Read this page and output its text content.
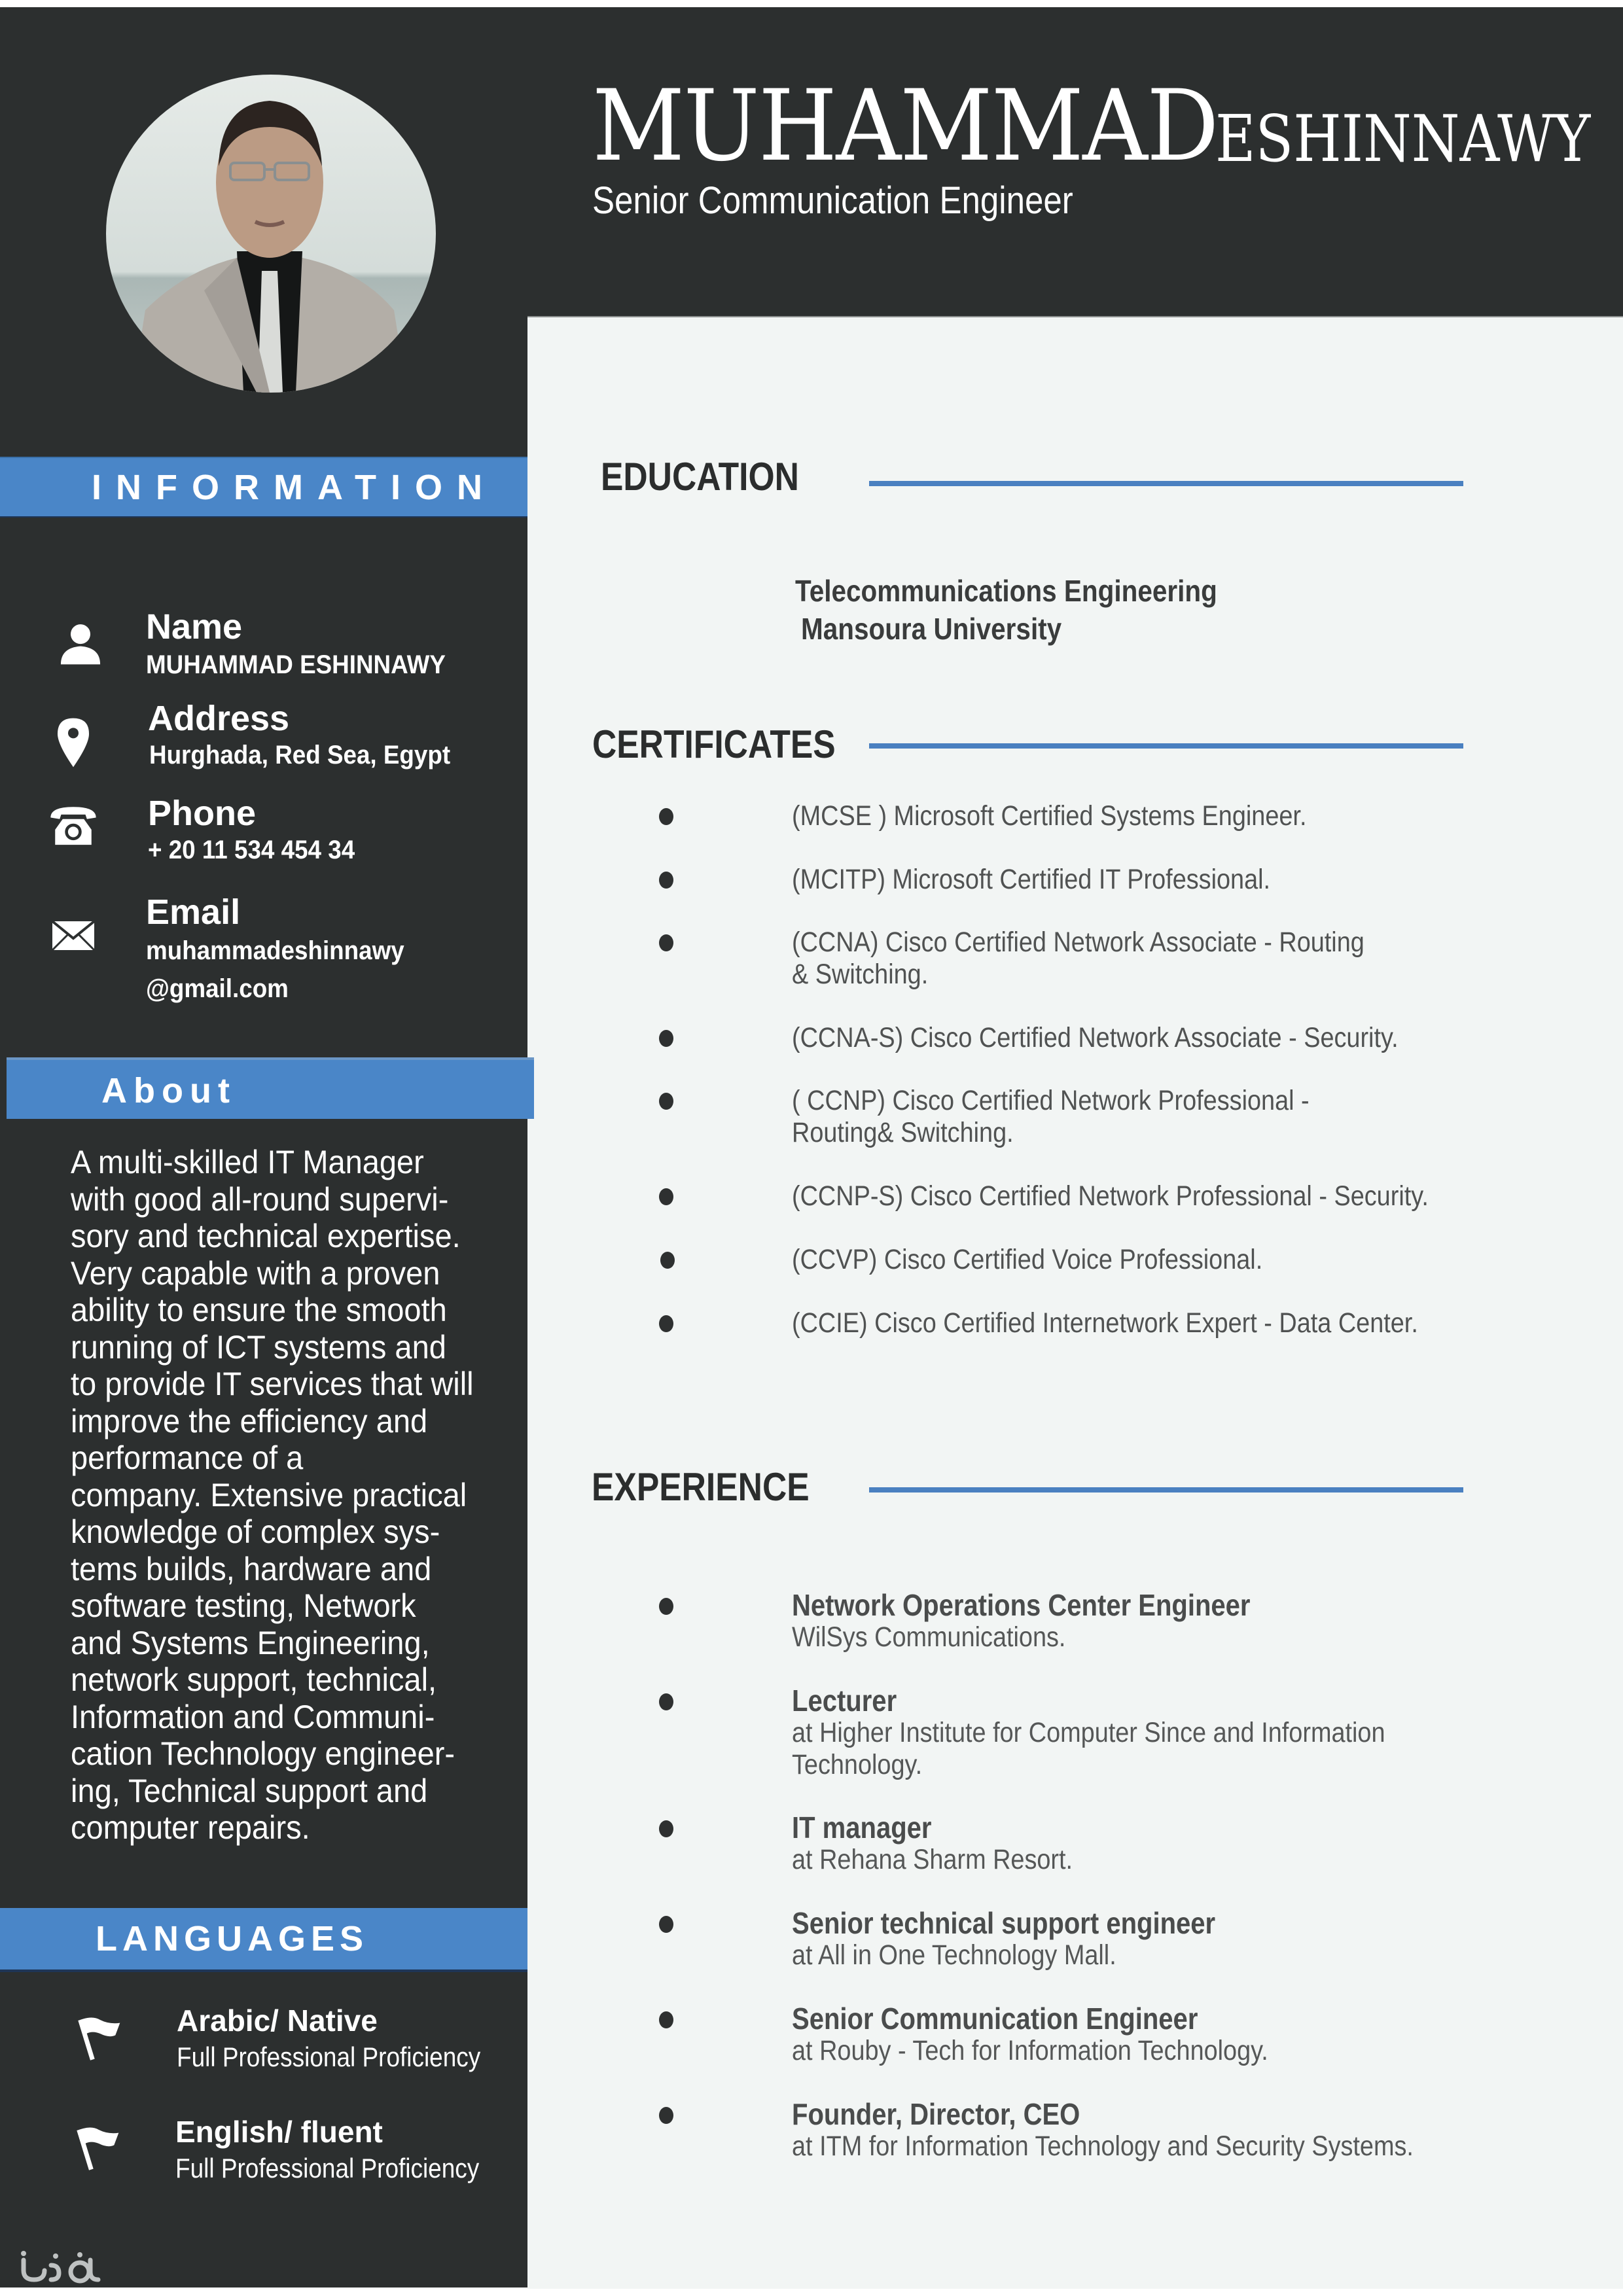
MUHAMMAD
ESHINNAWY
Senior Communication Engineer
INFORMATION
Name
MUHAMMAD ESHINNAWY
Address
Hurghada, Red Sea, Egypt
Phone
+ 20 11 534 454 34
Email
muhammadeshinnawy
@gmail.com
About
A multi-skilled IT Manager
with good all-round supervi-
sory and technical expertise.
Very capable with a proven
ability to ensure the smooth
running of ICT systems and
to provide IT services that will
improve the efficiency and
performance of a
company. Extensive practical
knowledge of complex sys-
tems builds, hardware and
software testing, Network
and Systems Engineering,
network support, technical,
Information and Communi-
cation Technology engineer-
ing, Technical support and
computer repairs.
LANGUAGES
Arabic/ Native
Full Professional Proficiency
English/ fluent
Full Professional Proficiency
EDUCATION
Telecommunications Engineering
Mansoura University
CERTIFICATES
(MCSE ) Microsoft Certified Systems Engineer.
(MCITP) Microsoft Certified IT Professional.
(CCNA) Cisco Certified Network Associate - Routing & Switching.
(CCNA-S) Cisco Certified Network Associate - Security.
( CCNP) Cisco Certified Network Professional - Routing& Switching.
(CCNP-S) Cisco Certified Network Professional - Security.
(CCVP) Cisco Certified Voice Professional.
(CCIE) Cisco Certified Internetwork Expert - Data Center.
EXPERIENCE
Network Operations Center Engineer
WilSys Communications.
Lecturer
at Higher Institute for Computer Since and Information Technology.
IT manager
at Rehana Sharm Resort.
Senior technical support engineer
at All in One Technology Mall.
Senior Communication Engineer
at Rouby - Tech for Information Technology.
Founder, Director, CEO
at ITM for Information Technology and Security Systems.
